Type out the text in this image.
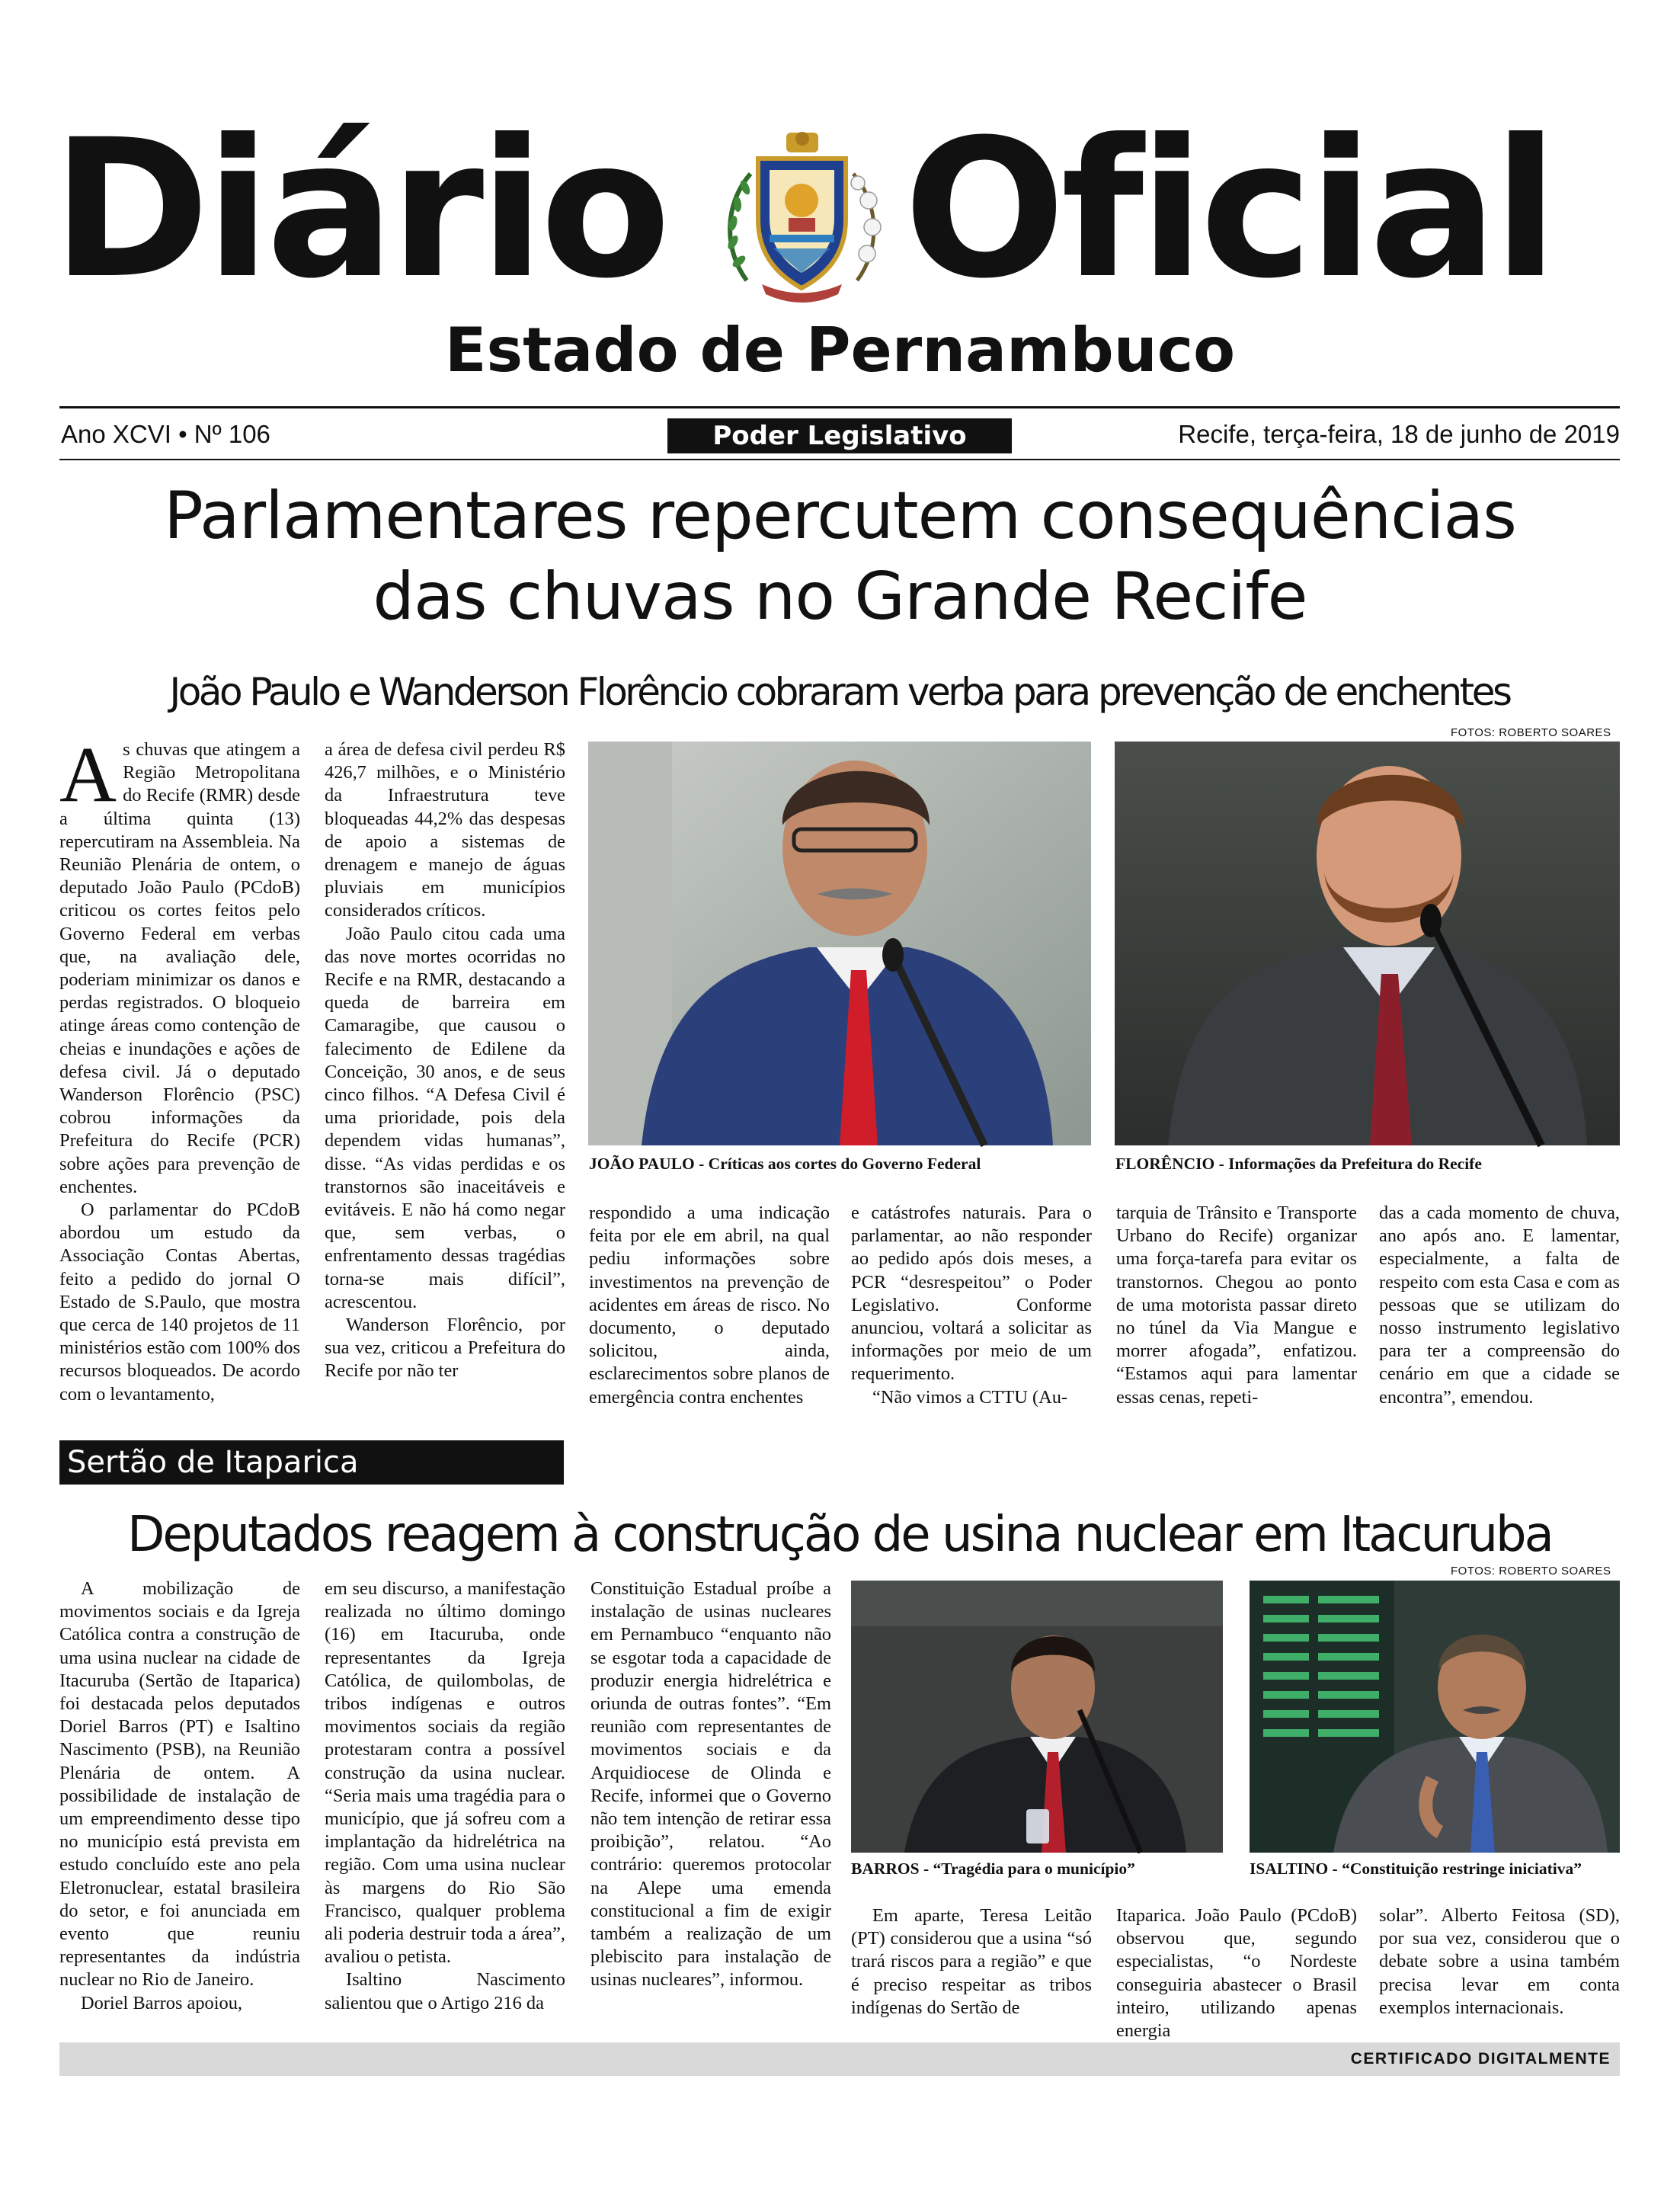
Diário Oficial
Estado de Pernambuco
Ano XCVI • Nº 106	Poder Legislativo	Recife, terça-feira, 18 de junho de 2019
Parlamentares repercutem consequências
das chuvas no Grande Recife
João Paulo e Wanderson Florêncio cobraram verba para prevenção de enchentes
FOTOS: ROBERTO SOARES
A s chuvas que atingem a Região Metropolitana do Recife (RMR) desde a última quinta (13) repercutiram na Assembleia. Na Reunião Plenária de ontem, o deputado João Paulo (PCdoB) criticou os cortes feitos pelo Governo Federal em verbas que, na avaliação dele, poderiam minimizar os danos e perdas registrados. O bloqueio atinge áreas como contenção de cheias e inundações e ações de defesa civil. Já o deputado Wanderson Florêncio (PSC) cobrou informações da Prefeitura do Recife (PCR) sobre ações para prevenção de enchentes.

O parlamentar do PCdoB abordou um estudo da Associação Contas Abertas, feito a pedido do jornal O Estado de S.Paulo, que mostra que cerca de 140 projetos de 11 ministérios estão com 100% dos recursos bloqueados. De acordo com o levantamento,

a área de defesa civil perdeu R$ 426,7 milhões, e o Ministério da Infraestrutura teve bloqueadas 44,2% das despesas de apoio a sistemas de drenagem e manejo de águas pluviais em municípios considerados críticos.

João Paulo citou cada uma das nove mortes ocorridas no Recife e na RMR, destacando a queda de barreira em Camaragibe, que causou o falecimento de Edilene da Conceição, 30 anos, e de seus cinco filhos. “A Defesa Civil é uma prioridade, pois dela dependem vidas humanas”, disse. “As vidas perdidas e os transtornos são inaceitáveis e evitáveis. E não há como negar que, sem verbas, o enfrentamento dessas tragédias torna-se mais difícil”, acrescentou.

Wanderson Florêncio, por sua vez, criticou a Prefeitura do Recife por não ter

JOÃO PAULO - Críticas aos cortes do Governo Federal	FLORÊNCIO - Informações da Prefeitura do Recife

respondido a uma indicação feita por ele em abril, na qual pediu informações sobre investimentos na prevenção de acidentes em áreas de risco. No documento, o deputado solicitou, ainda, esclarecimentos sobre planos de emergência contra enchentes

e catástrofes naturais. Para o parlamentar, ao não responder ao pedido após dois meses, a PCR “desrespeitou” o Poder Legislativo. Conforme anunciou, voltará a solicitar as informações por meio de um requerimento.

“Não vimos a CTTU (Au-

tarquia de Trânsito e Transporte Urbano do Recife) organizar uma força-tarefa para evitar os transtornos. Chegou ao ponto de uma motorista passar direto no túnel da Via Mangue e morrer afogada”, enfatizou. “Estamos aqui para lamentar essas cenas, repeti-

das a cada momento de chuva, ano após ano. E lamentar, especialmente, a falta de respeito com esta Casa e com as pessoas que se utilizam do nosso instrumento legislativo para ter a compreensão do cenário em que a cidade se encontra”, emendou.

Sertão de Itaparica
Deputados reagem à construção de usina nuclear em Itacuruba
FOTOS: ROBERTO SOARES

A mobilização de movimentos sociais e da Igreja Católica contra a construção de uma usina nuclear na cidade de Itacuruba (Sertão de Itaparica) foi destacada pelos deputados Doriel Barros (PT) e Isaltino Nascimento (PSB), na Reunião Plenária de ontem. A possibilidade de instalação de um empreendimento desse tipo no município está prevista em estudo concluído este ano pela Eletronuclear, estatal brasileira do setor, e foi anunciada em evento que reuniu representantes da indústria nuclear no Rio de Janeiro.

Doriel Barros apoiou,

em seu discurso, a manifestação realizada no último domingo (16) em Itacuruba, onde representantes da Igreja Católica, de quilombolas, de tribos indígenas e outros movimentos sociais da região protestaram contra a possível construção da usina nuclear. “Seria mais uma tragédia para o município, que já sofreu com a implantação da hidrelétrica na região. Com uma usina nuclear às margens do Rio São Francisco, qualquer problema ali poderia destruir toda a área”, avaliou o petista.

Isaltino Nascimento salientou que o Artigo 216 da

Constituição Estadual proíbe a instalação de usinas nucleares em Pernambuco “enquanto não se esgotar toda a capacidade de produzir energia hidrelétrica e oriunda de outras fontes”. “Em reunião com representantes de movimentos sociais e da Arquidiocese de Olinda e Recife, informei que o Governo não tem intenção de retirar essa proibição”, relatou. “Ao contrário: queremos protocolar na Alepe uma emenda constitucional a fim de exigir também a realização de um plebiscito para instalação de usinas nucleares”, informou.

BARROS - “Tragédia para o município”	ISALTINO - “Constituição restringe iniciativa”

Em aparte, Teresa Leitão (PT) considerou que a usina “só trará riscos para a região” e que é preciso respeitar as tribos indígenas do Sertão de

Itaparica. João Paulo (PCdoB) observou que, segundo especialistas, “o Nordeste conseguiria abastecer o Brasil inteiro, utilizando apenas energia

solar”. Alberto Feitosa (SD), por sua vez, considerou que o debate sobre a usina também precisa levar em conta exemplos internacionais.

CERTIFICADO DIGITALMENTE
